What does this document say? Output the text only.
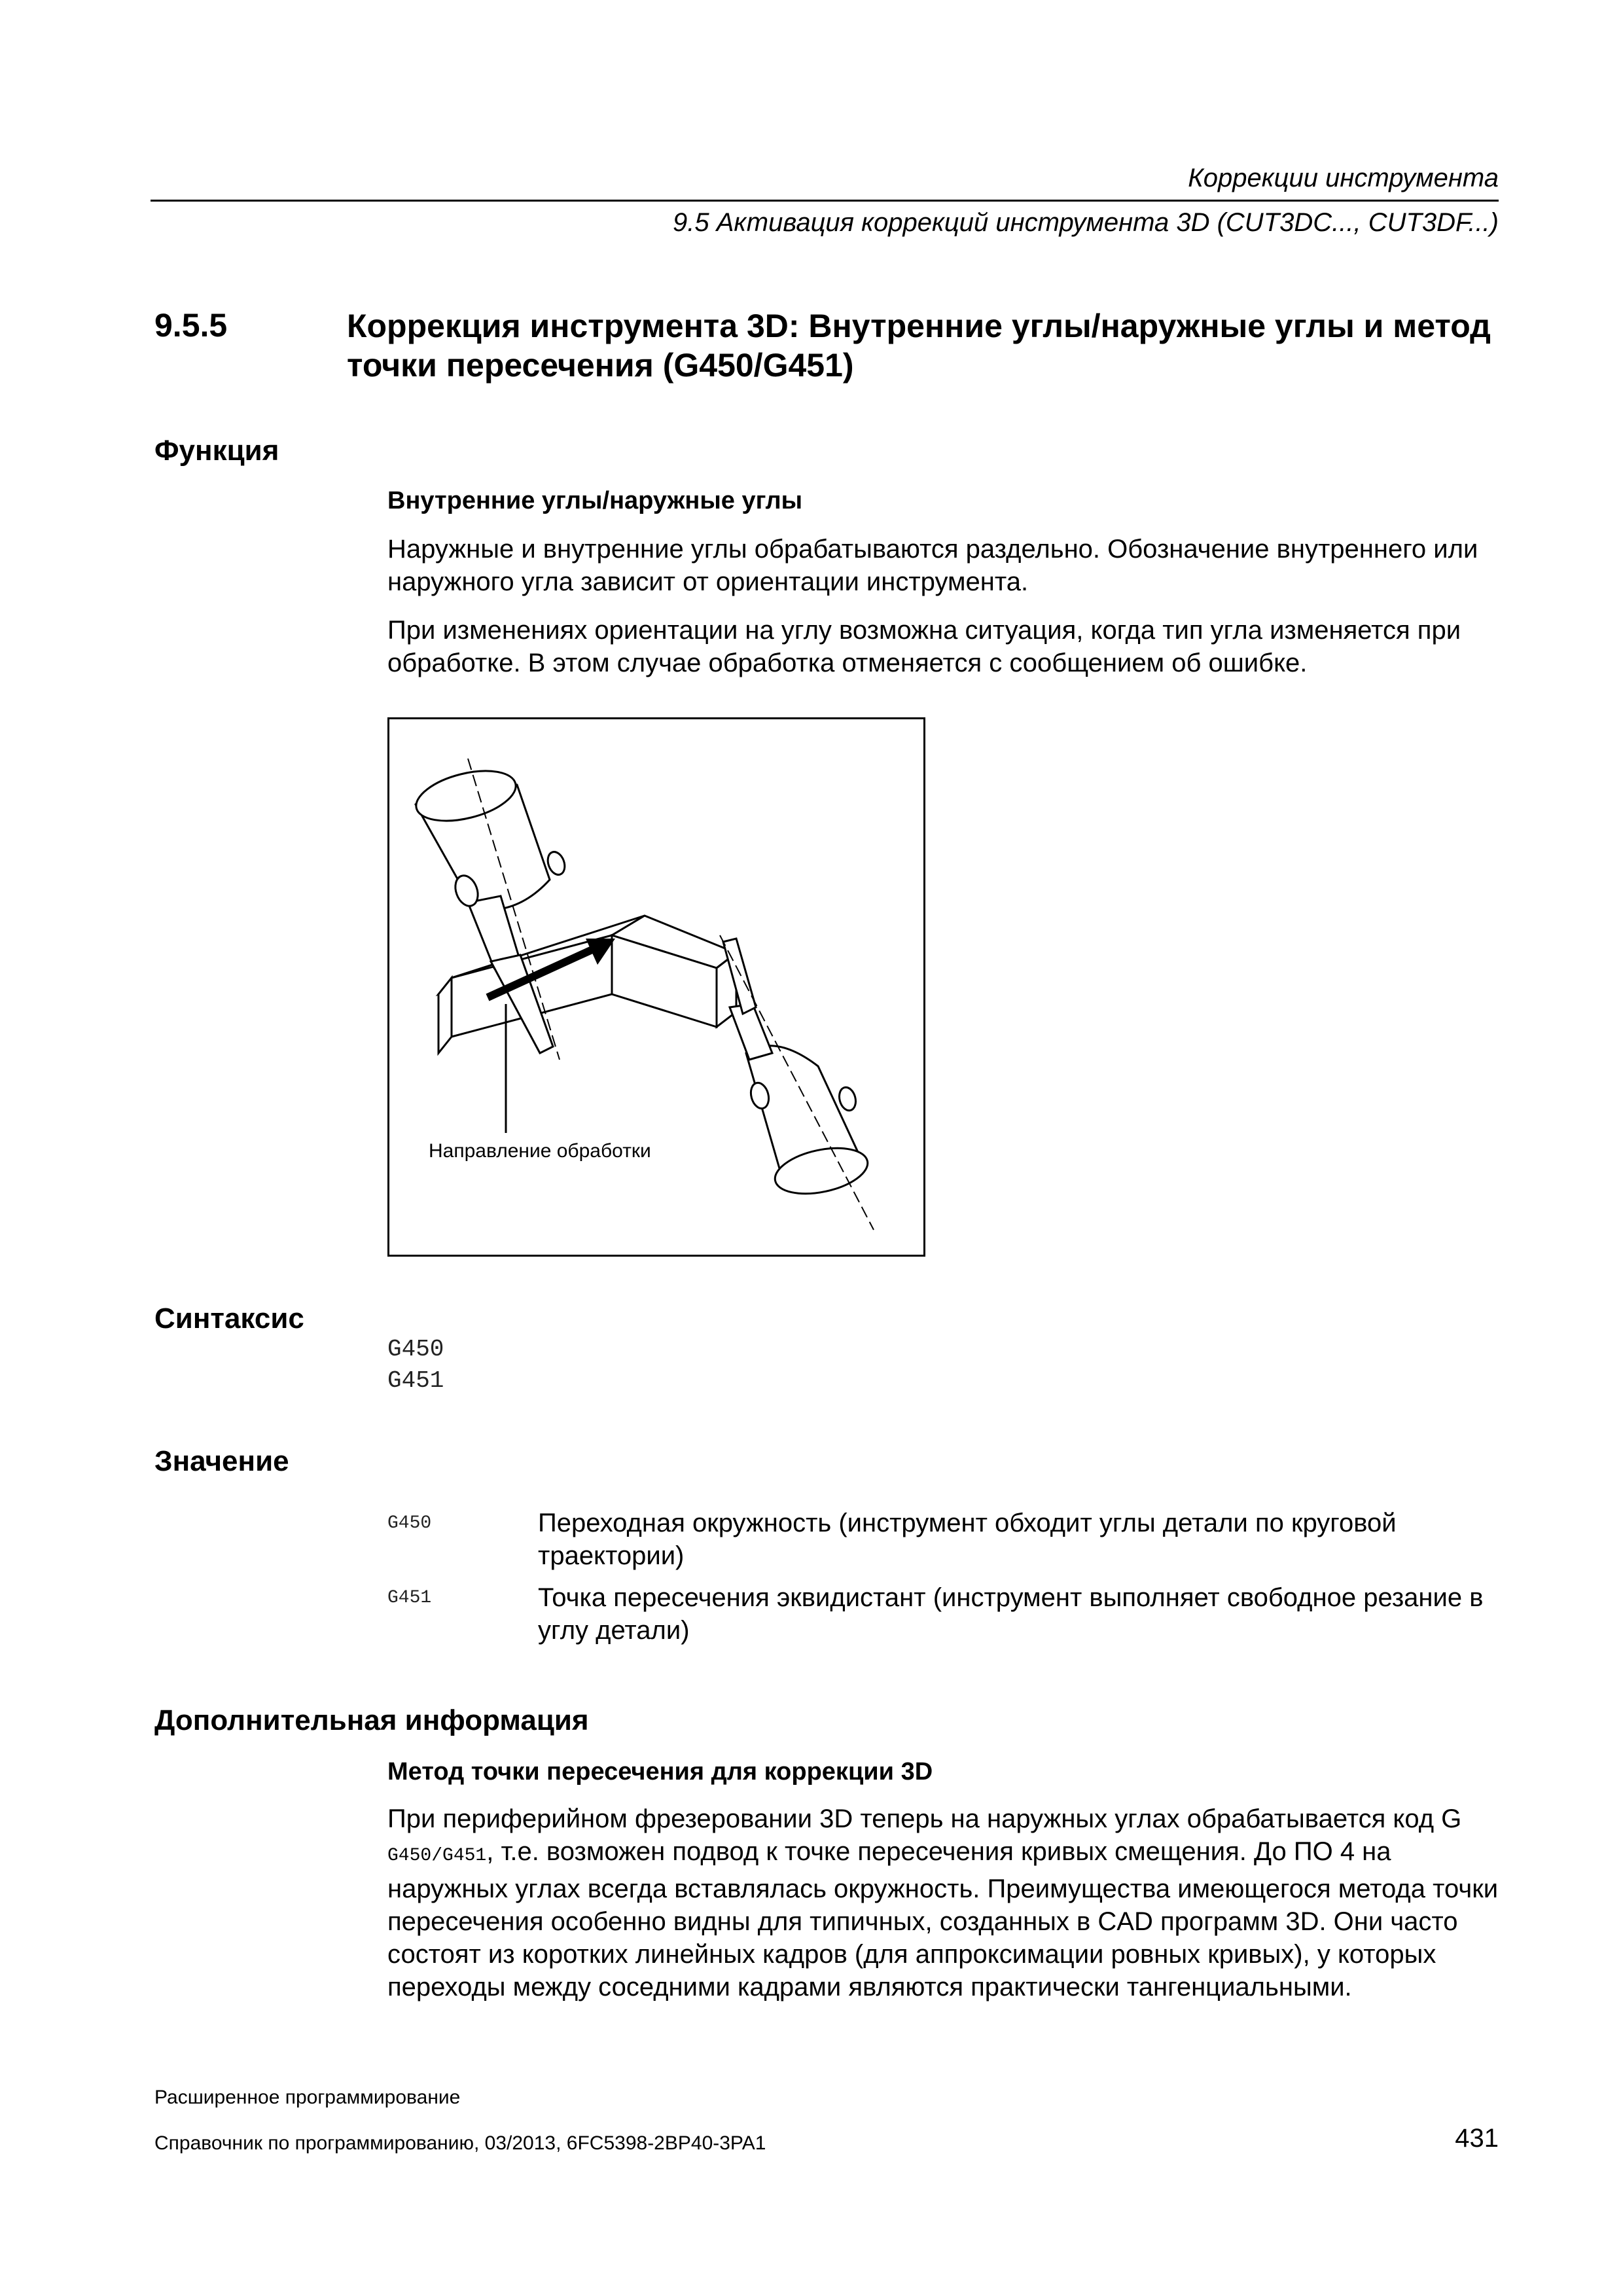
Коррекции инструмента
9.5 Активация коррекций инструмента 3D (CUT3DC..., CUT3DF...)
9.5.5	Коррекция инструмента 3D: Внутренние углы/наружные углы и метод точки пересечения (G450/G451)
Функция
Внутренние углы/наружные углы
Наружные и внутренние углы обрабатываются раздельно. Обозначение внутреннего или наружного угла зависит от ориентации инструмента.
При изменениях ориентации на углу возможна ситуация, когда тип угла изменяется при обработке. В этом случае обработка отменяется с сообщением об ошибке.
Направление обработки
Синтаксис
G450
G451
Значение
G450	Переходная окружность (инструмент обходит углы детали по круговой траектории)
G451	Точка пересечения эквидистант (инструмент выполняет свободное резание в углу детали)
Дополнительная информация
Метод точки пересечения для коррекции 3D
При периферийном фрезеровании 3D теперь на наружных углах обрабатывается код G G450/G451, т.е. возможен подвод к точке пересечения кривых смещения. До ПО 4 на наружных углах всегда вставлялась окружность. Преимущества имеющегося метода точки пересечения особенно видны для типичных, созданных в CAD программ 3D. Они часто состоят из коротких линейных кадров (для аппроксимации ровных кривых), у которых переходы между соседними кадрами являются практически тангенциальными.
Расширенное программирование
Справочник по программированию, 03/2013, 6FC5398-2BP40-3PA1	431
